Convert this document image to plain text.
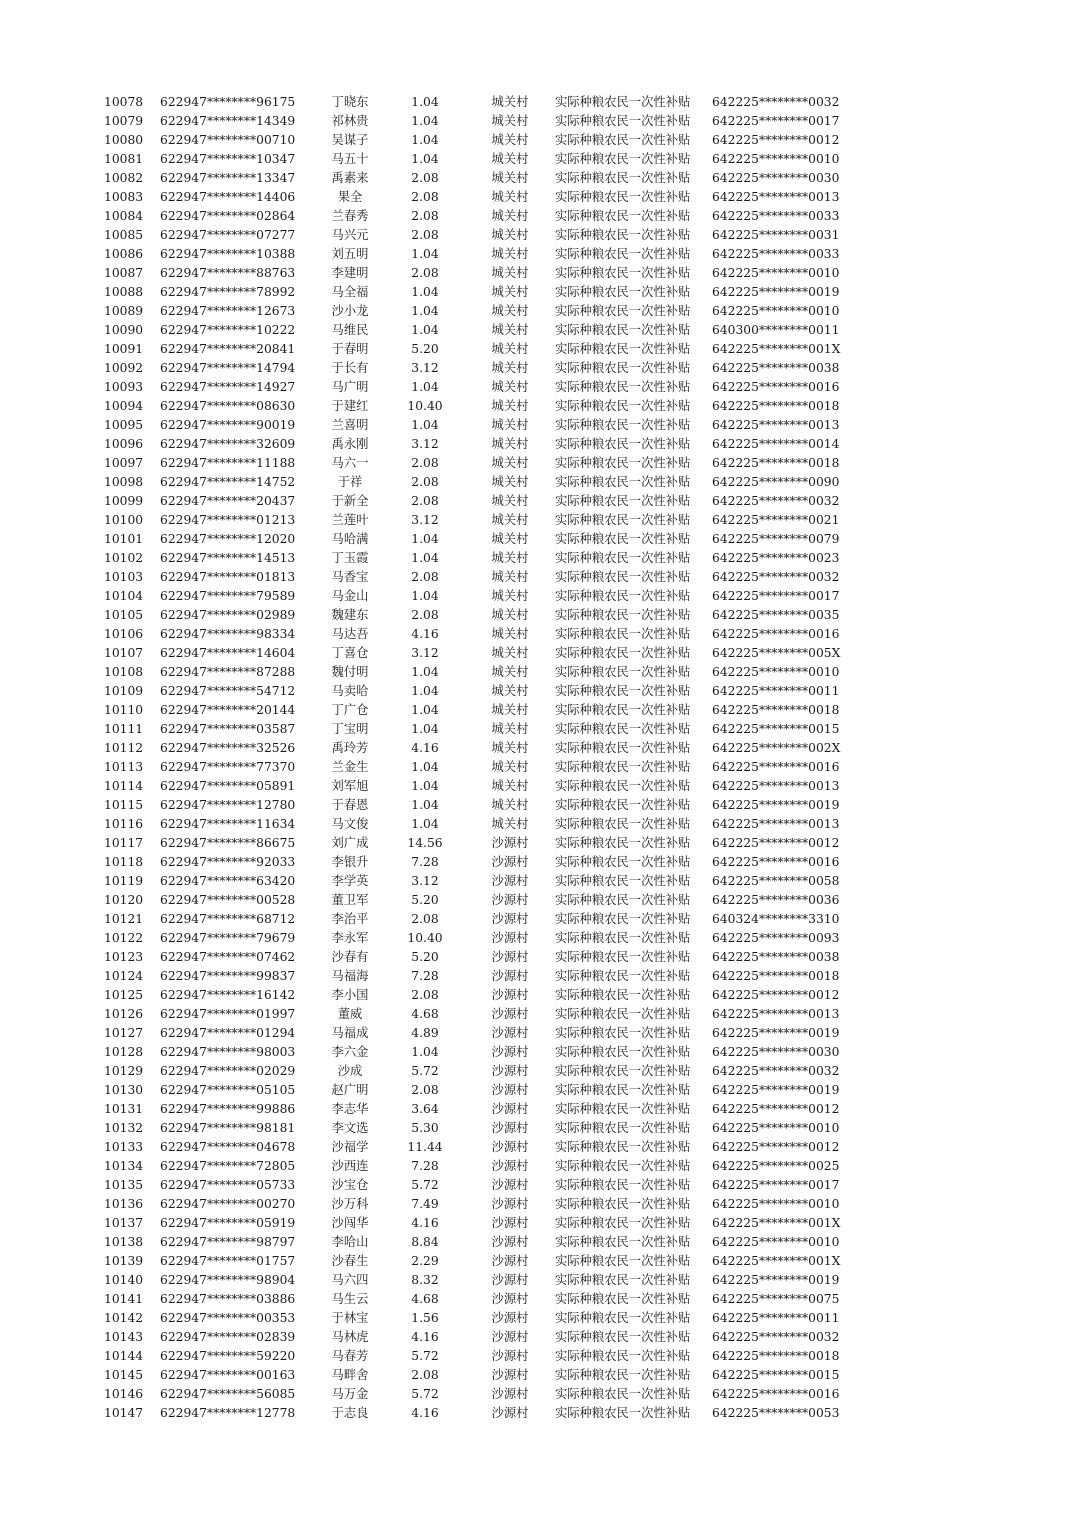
10078	622947********96175	丁晓东	1.04	城关村	实际种粮农民一次性补贴	642225********0032
10079	622947********14349	祁林贵	1.04	城关村	实际种粮农民一次性补贴	642225********0017
10080	622947********00710	吴谋子	1.04	城关村	实际种粮农民一次性补贴	642225********0012
10081	622947********10347	马五十	1.04	城关村	实际种粮农民一次性补贴	642225********0010
10082	622947********13347	禹素来	2.08	城关村	实际种粮农民一次性补贴	642225********0030
10083	622947********14406	果全	2.08	城关村	实际种粮农民一次性补贴	642225********0013
10084	622947********02864	兰春秀	2.08	城关村	实际种粮农民一次性补贴	642225********0033
10085	622947********07277	马兴元	2.08	城关村	实际种粮农民一次性补贴	642225********0031
10086	622947********10388	刘五明	1.04	城关村	实际种粮农民一次性补贴	642225********0033
10087	622947********88763	李建明	2.08	城关村	实际种粮农民一次性补贴	642225********0010
10088	622947********78992	马全福	1.04	城关村	实际种粮农民一次性补贴	642225********0019
10089	622947********12673	沙小龙	1.04	城关村	实际种粮农民一次性补贴	642225********0010
10090	622947********10222	马维民	1.04	城关村	实际种粮农民一次性补贴	640300********0011
10091	622947********20841	于春明	5.20	城关村	实际种粮农民一次性补贴	642225********001X
10092	622947********14794	于长有	3.12	城关村	实际种粮农民一次性补贴	642225********0038
10093	622947********14927	马广明	1.04	城关村	实际种粮农民一次性补贴	642225********0016
10094	622947********08630	于建红	10.40	城关村	实际种粮农民一次性补贴	642225********0018
10095	622947********90019	兰喜明	1.04	城关村	实际种粮农民一次性补贴	642225********0013
10096	622947********32609	禹永刚	3.12	城关村	实际种粮农民一次性补贴	642225********0014
10097	622947********11188	马六一	2.08	城关村	实际种粮农民一次性补贴	642225********0018
10098	622947********14752	于祥	2.08	城关村	实际种粮农民一次性补贴	642225********0090
10099	622947********20437	于新全	2.08	城关村	实际种粮农民一次性补贴	642225********0032
10100	622947********01213	兰莲叶	3.12	城关村	实际种粮农民一次性补贴	642225********0021
10101	622947********12020	马哈满	1.04	城关村	实际种粮农民一次性补贴	642225********0079
10102	622947********14513	丁玉霞	1.04	城关村	实际种粮农民一次性补贴	642225********0023
10103	622947********01813	马香宝	2.08	城关村	实际种粮农民一次性补贴	642225********0032
10104	622947********79589	马金山	1.04	城关村	实际种粮农民一次性补贴	642225********0017
10105	622947********02989	魏建东	2.08	城关村	实际种粮农民一次性补贴	642225********0035
10106	622947********98334	马达吾	4.16	城关村	实际种粮农民一次性补贴	642225********0016
10107	622947********14604	丁喜仓	3.12	城关村	实际种粮农民一次性补贴	642225********005X
10108	622947********87288	魏付明	1.04	城关村	实际种粮农民一次性补贴	642225********0010
10109	622947********54712	马卖哈	1.04	城关村	实际种粮农民一次性补贴	642225********0011
10110	622947********20144	丁广仓	1.04	城关村	实际种粮农民一次性补贴	642225********0018
10111	622947********03587	丁宝明	1.04	城关村	实际种粮农民一次性补贴	642225********0015
10112	622947********32526	禹玲芳	4.16	城关村	实际种粮农民一次性补贴	642225********002X
10113	622947********77370	兰金生	1.04	城关村	实际种粮农民一次性补贴	642225********0016
10114	622947********05891	刘军旭	1.04	城关村	实际种粮农民一次性补贴	642225********0013
10115	622947********12780	于春恩	1.04	城关村	实际种粮农民一次性补贴	642225********0019
10116	622947********11634	马文俊	1.04	城关村	实际种粮农民一次性补贴	642225********0013
10117	622947********86675	刘广成	14.56	沙源村	实际种粮农民一次性补贴	642225********0012
10118	622947********92033	李银升	7.28	沙源村	实际种粮农民一次性补贴	642225********0016
10119	622947********63420	李学英	3.12	沙源村	实际种粮农民一次性补贴	642225********0058
10120	622947********00528	董卫军	5.20	沙源村	实际种粮农民一次性补贴	642225********0036
10121	622947********68712	李治平	2.08	沙源村	实际种粮农民一次性补贴	640324********3310
10122	622947********79679	李永军	10.40	沙源村	实际种粮农民一次性补贴	642225********0093
10123	622947********07462	沙春有	5.20	沙源村	实际种粮农民一次性补贴	642225********0038
10124	622947********99837	马福海	7.28	沙源村	实际种粮农民一次性补贴	642225********0018
10125	622947********16142	李小国	2.08	沙源村	实际种粮农民一次性补贴	642225********0012
10126	622947********01997	董威	4.68	沙源村	实际种粮农民一次性补贴	642225********0013
10127	622947********01294	马福成	4.89	沙源村	实际种粮农民一次性补贴	642225********0019
10128	622947********98003	李六金	1.04	沙源村	实际种粮农民一次性补贴	642225********0030
10129	622947********02029	沙成	5.72	沙源村	实际种粮农民一次性补贴	642225********0032
10130	622947********05105	赵广明	2.08	沙源村	实际种粮农民一次性补贴	642225********0019
10131	622947********99886	李志华	3.64	沙源村	实际种粮农民一次性补贴	642225********0012
10132	622947********98181	李文选	5.30	沙源村	实际种粮农民一次性补贴	642225********0010
10133	622947********04678	沙福学	11.44	沙源村	实际种粮农民一次性补贴	642225********0012
10134	622947********72805	沙西连	7.28	沙源村	实际种粮农民一次性补贴	642225********0025
10135	622947********05733	沙宝仓	5.72	沙源村	实际种粮农民一次性补贴	642225********0017
10136	622947********00270	沙万科	7.49	沙源村	实际种粮农民一次性补贴	642225********0010
10137	622947********05919	沙闯华	4.16	沙源村	实际种粮农民一次性补贴	642225********001X
10138	622947********98797	李哈山	8.84	沙源村	实际种粮农民一次性补贴	642225********0010
10139	622947********01757	沙春生	2.29	沙源村	实际种粮农民一次性补贴	642225********001X
10140	622947********98904	马六四	8.32	沙源村	实际种粮农民一次性补贴	642225********0019
10141	622947********03886	马生云	4.68	沙源村	实际种粮农民一次性补贴	642225********0075
10142	622947********00353	于林宝	1.56	沙源村	实际种粮农民一次性补贴	642225********0011
10143	622947********02839	马林虎	4.16	沙源村	实际种粮农民一次性补贴	642225********0032
10144	622947********59220	马春芳	5.72	沙源村	实际种粮农民一次性补贴	642225********0018
10145	622947********00163	马畔舍	2.08	沙源村	实际种粮农民一次性补贴	642225********0015
10146	622947********56085	马万金	5.72	沙源村	实际种粮农民一次性补贴	642225********0016
10147	622947********12778	于志良	4.16	沙源村	实际种粮农民一次性补贴	642225********0053
